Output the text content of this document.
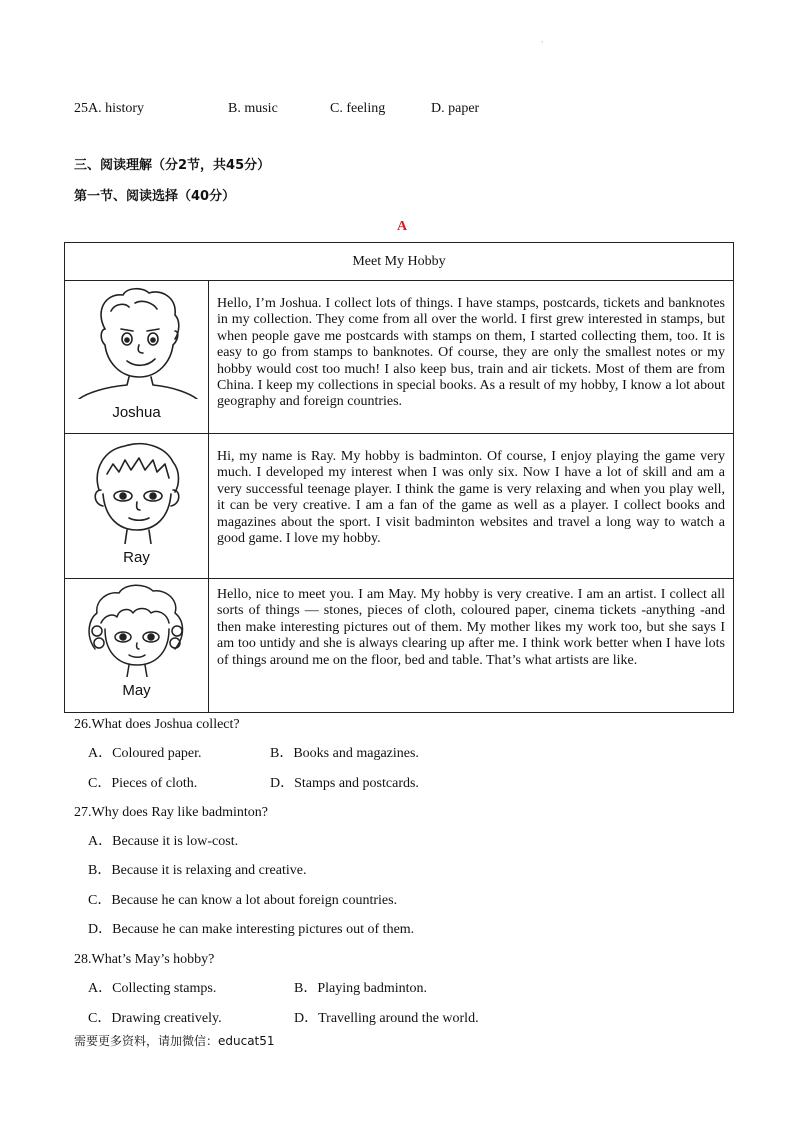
,
25A. history	B. music	C. feeling	D. paper
三、阅读理解（分2节，共45分）
第一节、阅读选择（40分）
A
Meet My Hobby	

Joshua	Hello, I’m Joshua. I collect lots of things. I have stamps, postcards, tickets and banknotes in my collection. They come from all over the world. I first grew interested in stamps, but when people gave me postcards with stamps on them, I started collecting them, too. It is easy to go from stamps to banknotes. Of course, they are only the smallest notes or my hobby would cost too much! I also keep bus, train and air tickets. Most of them are from China. I keep my collections in special books. As a result of my hobby, I know a lot about geography and foreign countries.

Ray	Hi, my name is Ray. My hobby is badminton. Of course, I enjoy playing the game very much. I developed my interest when I was only six. Now I have a lot of skill and am a very successful teenage player. I think the game is very relaxing and when you play well, it can be very creative. I am a fan of the game as well as a player. I collect books and magazines about the sport. I visit badminton websites and travel a long way to watch a good game. I love my hobby.

May	Hello, nice to meet you. I am May. My hobby is very creative. I am an artist. I collect all sorts of things — stones, pieces of cloth, coloured paper, cinema tickets -anything -and then make interesting pictures out of them. My mother likes my work too, but she says I am too untidy and she is always clearing up after me. I think work better when I have lots of things around me on the floor, bed and table. That’s what artists are like.
26.What does Joshua collect?
A．Coloured paper.	B．Books and magazines.
C．Pieces of cloth.	D．Stamps and postcards.
27.Why does Ray like badminton?
A．Because it is low-cost.
B．Because it is relaxing and creative.
C．Because he can know a lot about foreign countries.
D．Because he can make interesting pictures out of them.
28.What’s May’s hobby?
A．Collecting stamps.	B．Playing badminton.
C．Drawing creatively.	D．Travelling around the world.
需要更多资料，请加微信：educat51
